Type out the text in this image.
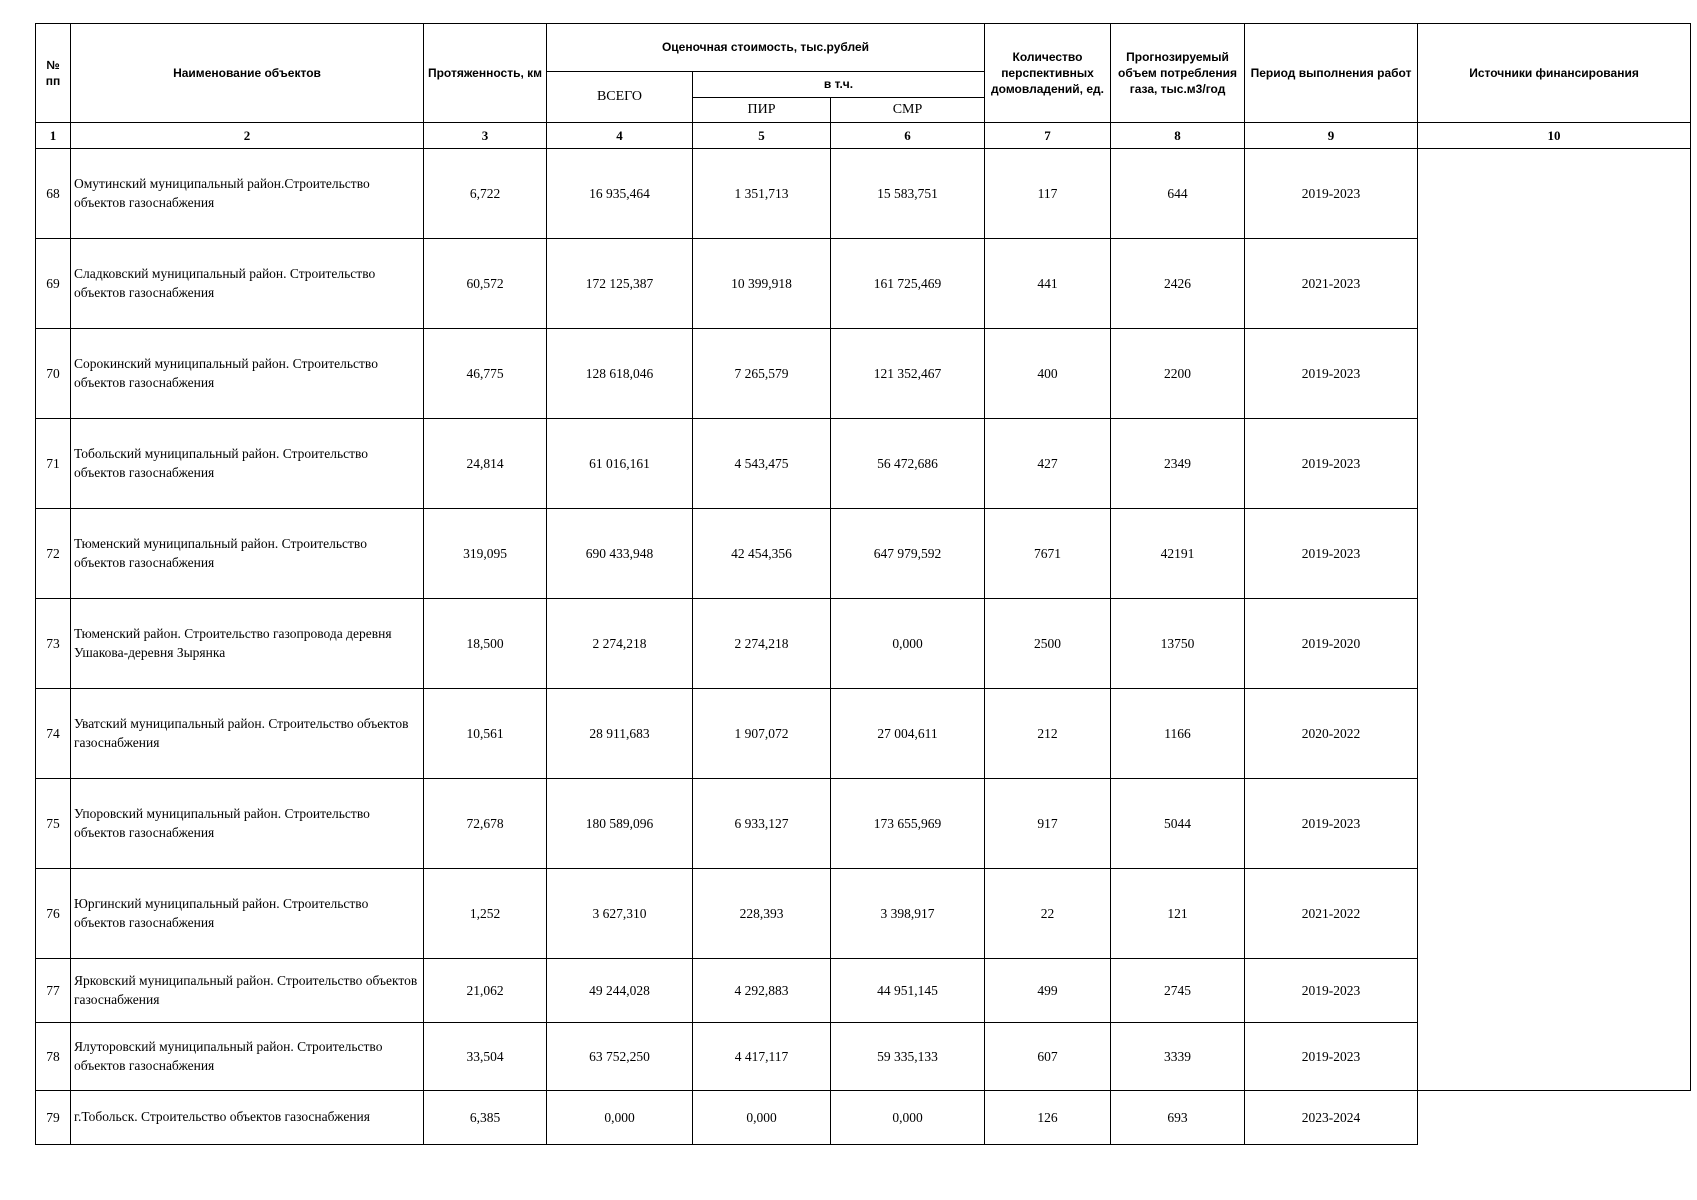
№ пп	Наименование объектов	Протяженность, км	Оценочная стоимость, тыс.рублей			Количество перспективных домовладений, ед.	Прогнозируемый объем потребления газа, тыс.м3/год	Период выполнения работ	Источники финансирования
			ВСЕГО	в т.ч.					
				ПИР	СМР				
1	2	3	4	5	6	7	8	9	10
68	Омутинский муниципальный район.Строительство объектов газоснабжения	6,722	16 935,464	1 351,713	15 583,751	117	644	2019-2023	
69	Сладковский муниципальный район. Строительство объектов газоснабжения	60,572	172 125,387	10 399,918	161 725,469	441	2426	2021-2023	
70	Сорокинский муниципальный район. Строительство объектов газоснабжения	46,775	128 618,046	7 265,579	121 352,467	400	2200	2019-2023	
71	Тобольский муниципальный район. Строительство объектов газоснабжения	24,814	61 016,161	4 543,475	56 472,686	427	2349	2019-2023	
72	Тюменский муниципальный район. Строительство объектов газоснабжения	319,095	690 433,948	42 454,356	647 979,592	7671	42191	2019-2023	
73	Тюменский район. Строительство газопровода деревня Ушакова-деревня Зырянка	18,500	2 274,218	2 274,218	0,000	2500	13750	2019-2020	
74	Уватский муниципальный район. Строительство объектов газоснабжения	10,561	28 911,683	1 907,072	27 004,611	212	1166	2020-2022	
75	Упоровский муниципальный район. Строительство объектов газоснабжения	72,678	180 589,096	6 933,127	173 655,969	917	5044	2019-2023	
76	Юргинский муниципальный район. Строительство объектов газоснабжения	1,252	3 627,310	228,393	3 398,917	22	121	2021-2022	
77	Ярковский муниципальный район. Строительство объектов газоснабжения	21,062	49 244,028	4 292,883	44 951,145	499	2745	2019-2023	
78	Ялуторовский муниципальный район. Строительство объектов газоснабжения	33,504	63 752,250	4 417,117	59 335,133	607	3339	2019-2023	
79	г.Тобольск. Строительство объектов газоснабжения	6,385	0,000	0,000	0,000	126	693	2023-2024	
